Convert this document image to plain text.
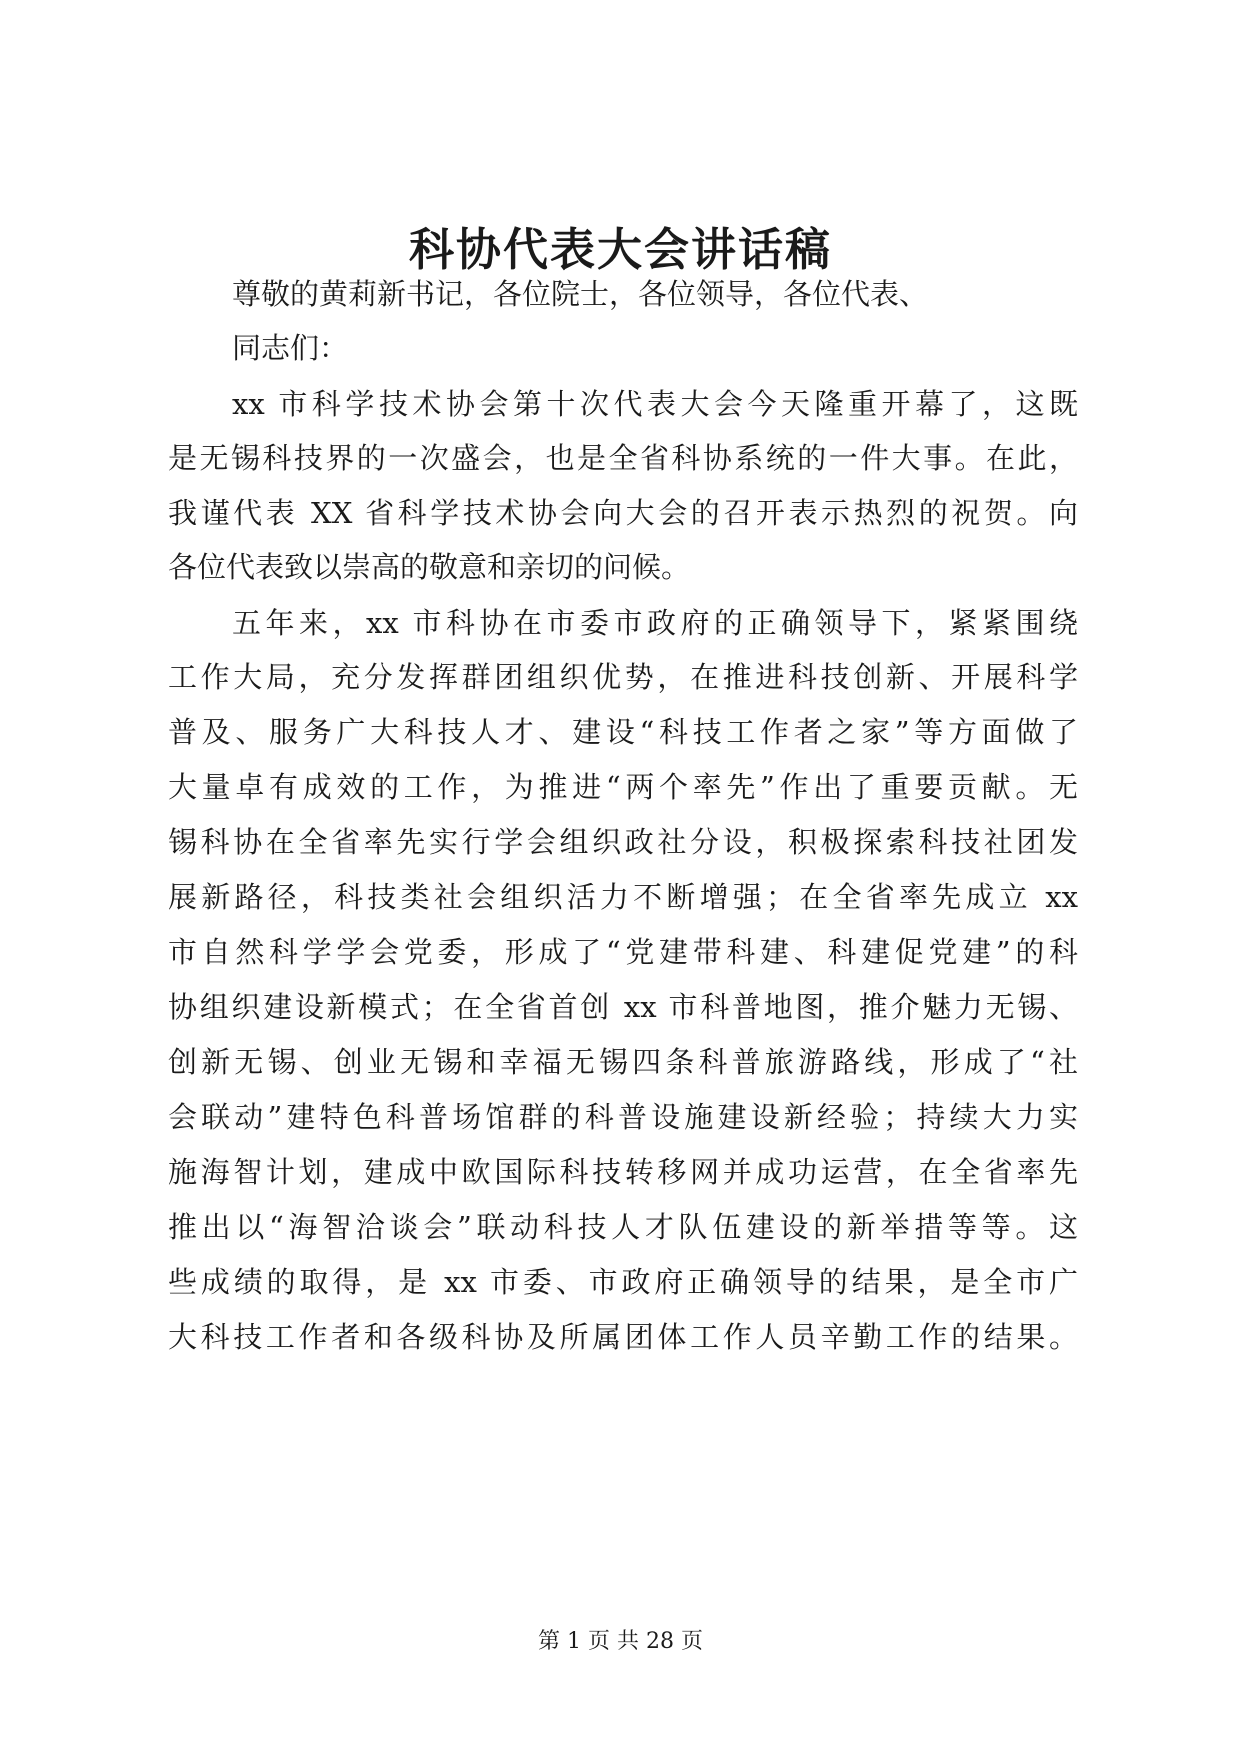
科协代表大会讲话稿
尊敬的黄莉新书记，各位院士，各位领导，各位代表、
同志们：
xx 市科学技术协会第十次代表大会今天隆重开幕了，这既
是无锡科技界的一次盛会，也是全省科协系统的一件大事。在此，
我谨代表 XX 省科学技术协会向大会的召开表示热烈的祝贺。向
各位代表致以崇高的敬意和亲切的问候。
五年来，xx 市科协在市委市政府的正确领导下，紧紧围绕
工作大局，充分发挥群团组织优势，在推进科技创新、开展科学
普及、服务广大科技人才、建设“科技工作者之家”等方面做了
大量卓有成效的工作，为推进“两个率先”作出了重要贡献。无
锡科协在全省率先实行学会组织政社分设，积极探索科技社团发
展新路径，科技类社会组织活力不断增强；在全省率先成立 xx
市自然科学学会党委，形成了“党建带科建、科建促党建”的科
协组织建设新模式；在全省首创 xx 市科普地图，推介魅力无锡、
创新无锡、创业无锡和幸福无锡四条科普旅游路线，形成了“社
会联动”建特色科普场馆群的科普设施建设新经验；持续大力实
施海智计划，建成中欧国际科技转移网并成功运营，在全省率先
推出以“海智洽谈会”联动科技人才队伍建设的新举措等等。这
些成绩的取得，是 xx 市委、市政府正确领导的结果，是全市广
大科技工作者和各级科协及所属团体工作人员辛勤工作的结果。
第 1 页 共 28 页
